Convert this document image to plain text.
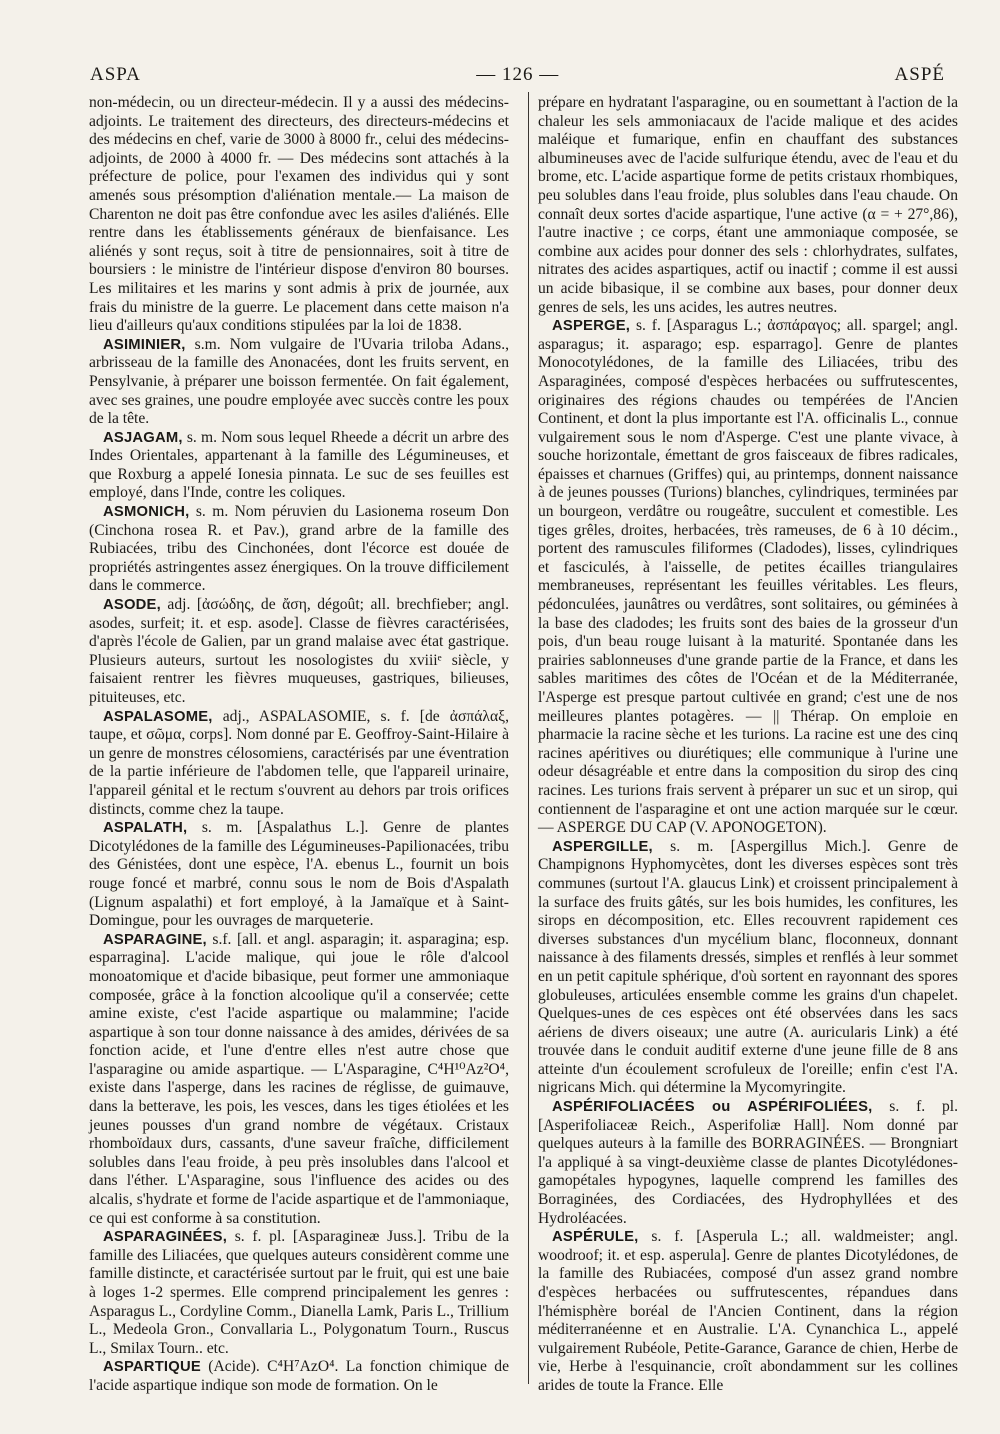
ASPA	— 126 —	ASPÉ

non-médecin, ou un directeur-médecin. Il y a aussi des médecins-adjoints. Le traitement des directeurs, des directeurs-médecins et des médecins en chef, varie de 3000 à 8000 fr., celui des médecins-adjoints, de 2000 à 4000 fr. — Des médecins sont attachés à la préfecture de police, pour l'examen des individus qui y sont amenés sous présomption d'aliénation mentale.— La maison de Charenton ne doit pas être confondue avec les asiles d'aliénés. Elle rentre dans les établissements généraux de bienfaisance. Les aliénés y sont reçus, soit à titre de pensionnaires, soit à titre de boursiers : le ministre de l'intérieur dispose d'environ 80 bourses. Les militaires et les marins y sont admis à prix de journée, aux frais du ministre de la guerre. Le placement dans cette maison n'a lieu d'ailleurs qu'aux conditions stipulées par la loi de 1838.

ASIMINIER, s.m. Nom vulgaire de l'Uvaria triloba Adans., arbrisseau de la famille des Anonacées, dont les fruits servent, en Pensylvanie, à préparer une boisson fermentée. On fait également, avec ses graines, une poudre employée avec succès contre les poux de la tête.

ASJAGAM, s. m. Nom sous lequel Rheede a décrit un arbre des Indes Orientales, appartenant à la famille des Légumineuses, et que Roxburg a appelé Ionesia pinnata. Le suc de ses feuilles est employé, dans l'Inde, contre les coliques.

ASMONICH, s. m. Nom péruvien du Lasionema roseum Don (Cinchona rosea R. et Pav.), grand arbre de la famille des Rubiacées, tribu des Cinchonées, dont l'écorce est douée de propriétés astringentes assez énergiques. On la trouve difficilement dans le commerce.

ASODE, adj. [ἀσώδης, de ἄση, dégoût; all. brechfieber; angl. asodes, surfeit; it. et esp. asode]. Classe de fièvres caractérisées, d'après l'école de Galien, par un grand malaise avec état gastrique. Plusieurs auteurs, surtout les nosologistes du xviiiᵉ siècle, y faisaient rentrer les fièvres muqueuses, gastriques, bilieuses, pituiteuses, etc.

ASPALASOME, adj., ASPALASOMIE, s. f. [de ἀσπάλαξ, taupe, et σῶμα, corps]. Nom donné par E. Geoffroy-Saint-Hilaire à un genre de monstres célosomiens, caractérisés par une éventration de la partie inférieure de l'abdomen telle, que l'appareil urinaire, l'appareil génital et le rectum s'ouvrent au dehors par trois orifices distincts, comme chez la taupe.

ASPALATH, s. m. [Aspalathus L.]. Genre de plantes Dicotylédones de la famille des Légumineuses-Papilionacées, tribu des Génistées, dont une espèce, l'A. ebenus L., fournit un bois rouge foncé et marbré, connu sous le nom de Bois d'Aspalath (Lignum aspalathi) et fort employé, à la Jamaïque et à Saint-Domingue, pour les ouvrages de marqueterie.

ASPARAGINE, s.f. [all. et angl. asparagin; it. asparagina; esp. esparragina]. L'acide malique, qui joue le rôle d'alcool monoatomique et d'acide bibasique, peut former une ammoniaque composée, grâce à la fonction alcoolique qu'il a conservée; cette amine existe, c'est l'acide aspartique ou malammine; l'acide aspartique à son tour donne naissance à des amides, dérivées de sa fonction acide, et l'une d'entre elles n'est autre chose que l'asparagine ou amide aspartique. — L'Asparagine, C⁴H¹⁰Az²O⁴, existe dans l'asperge, dans les racines de réglisse, de guimauve, dans la betterave, les pois, les vesces, dans les tiges étiolées et les jeunes pousses d'un grand nombre de végétaux. Cristaux rhomboïdaux durs, cassants, d'une saveur fraîche, difficilement solubles dans l'eau froide, à peu près insolubles dans l'alcool et dans l'éther. L'Asparagine, sous l'influence des acides ou des alcalis, s'hydrate et forme de l'acide aspartique et de l'ammoniaque, ce qui est conforme à sa constitution.

ASPARAGINÉES, s. f. pl. [Asparagineæ Juss.]. Tribu de la famille des Liliacées, que quelques auteurs considèrent comme une famille distincte, et caractérisée surtout par le fruit, qui est une baie à loges 1-2 spermes. Elle comprend principalement les genres : Asparagus L., Cordyline Comm., Dianella Lamk, Paris L., Trillium L., Medeola Gron., Convallaria L., Polygonatum Tourn., Ruscus L., Smilax Tourn.. etc.

ASPARTIQUE (Acide). C⁴H⁷AzO⁴. La fonction chimique de l'acide aspartique indique son mode de formation. On le

prépare en hydratant l'asparagine, ou en soumettant à l'action de la chaleur les sels ammoniacaux de l'acide malique et des acides maléique et fumarique, enfin en chauffant des substances albumineuses avec de l'acide sulfurique étendu, avec de l'eau et du brome, etc. L'acide aspartique forme de petits cristaux rhombiques, peu solubles dans l'eau froide, plus solubles dans l'eau chaude. On connaît deux sortes d'acide aspartique, l'une active (α = + 27°,86), l'autre inactive ; ce corps, étant une ammoniaque composée, se combine aux acides pour donner des sels : chlorhydrates, sulfates, nitrates des acides aspartiques, actif ou inactif ; comme il est aussi un acide bibasique, il se combine aux bases, pour donner deux genres de sels, les uns acides, les autres neutres.

ASPERGE, s. f. [Asparagus L.; ἀσπάραγος; all. spargel; angl. asparagus; it. asparago; esp. esparrago]. Genre de plantes Monocotylédones, de la famille des Liliacées, tribu des Asparaginées, composé d'espèces herbacées ou suffrutescentes, originaires des régions chaudes ou tempérées de l'Ancien Continent, et dont la plus importante est l'A. officinalis L., connue vulgairement sous le nom d'Asperge. C'est une plante vivace, à souche horizontale, émettant de gros faisceaux de fibres radicales, épaisses et charnues (Griffes) qui, au printemps, donnent naissance à de jeunes pousses (Turions) blanches, cylindriques, terminées par un bourgeon, verdâtre ou rougeâtre, succulent et comestible. Les tiges grêles, droites, herbacées, très rameuses, de 6 à 10 décim., portent des ramuscules filiformes (Cladodes), lisses, cylindriques et fasciculés, à l'aisselle, de petites écailles triangulaires membraneuses, représentant les feuilles véritables. Les fleurs, pédonculées, jaunâtres ou verdâtres, sont solitaires, ou géminées à la base des cladodes; les fruits sont des baies de la grosseur d'un pois, d'un beau rouge luisant à la maturité. Spontanée dans les prairies sablonneuses d'une grande partie de la France, et dans les sables maritimes des côtes de l'Océan et de la Méditerranée, l'Asperge est presque partout cultivée en grand; c'est une de nos meilleures plantes potagères. — || Thérap. On emploie en pharmacie la racine sèche et les turions. La racine est une des cinq racines apéritives ou diurétiques; elle communique à l'urine une odeur désagréable et entre dans la composition du sirop des cinq racines. Les turions frais servent à préparer un suc et un sirop, qui contiennent de l'asparagine et ont une action marquée sur le cœur. — ASPERGE DU CAP (V. APONOGETON).

ASPERGILLE, s. m. [Aspergillus Mich.]. Genre de Champignons Hyphomycètes, dont les diverses espèces sont très communes (surtout l'A. glaucus Link) et croissent principalement à la surface des fruits gâtés, sur les bois humides, les confitures, les sirops en décomposition, etc. Elles recouvrent rapidement ces diverses substances d'un mycélium blanc, floconneux, donnant naissance à des filaments dressés, simples et renflés à leur sommet en un petit capitule sphérique, d'où sortent en rayonnant des spores globuleuses, articulées ensemble comme les grains d'un chapelet. Quelques-unes de ces espèces ont été observées dans les sacs aériens de divers oiseaux; une autre (A. auricularis Link) a été trouvée dans le conduit auditif externe d'une jeune fille de 8 ans atteinte d'un écoulement scrofuleux de l'oreille; enfin c'est l'A. nigricans Mich. qui détermine la Mycomyringite.

ASPÉRIFOLIACÉES ou ASPÉRIFOLIÉES, s. f. pl. [Asperifoliaceæ Reich., Asperifoliæ Hall]. Nom donné par quelques auteurs à la famille des BORRAGINÉES. — Brongniart l'a appliqué à sa vingt-deuxième classe de plantes Dicotylédones-gamopétales hypogynes, laquelle comprend les familles des Borraginées, des Cordiacées, des Hydrophyllées et des Hydroléacées.

ASPÉRULE, s. f. [Asperula L.; all. waldmeister; angl. woodroof; it. et esp. asperula]. Genre de plantes Dicotylédones, de la famille des Rubiacées, composé d'un assez grand nombre d'espèces herbacées ou suffrutescentes, répandues dans l'hémisphère boréal de l'Ancien Continent, dans la région méditerranéenne et en Australie. L'A. Cynanchica L., appelé vulgairement Rubéole, Petite-Garance, Garance de chien, Herbe de vie, Herbe à l'esquinancie, croît abondamment sur les collines arides de toute la France. Elle
